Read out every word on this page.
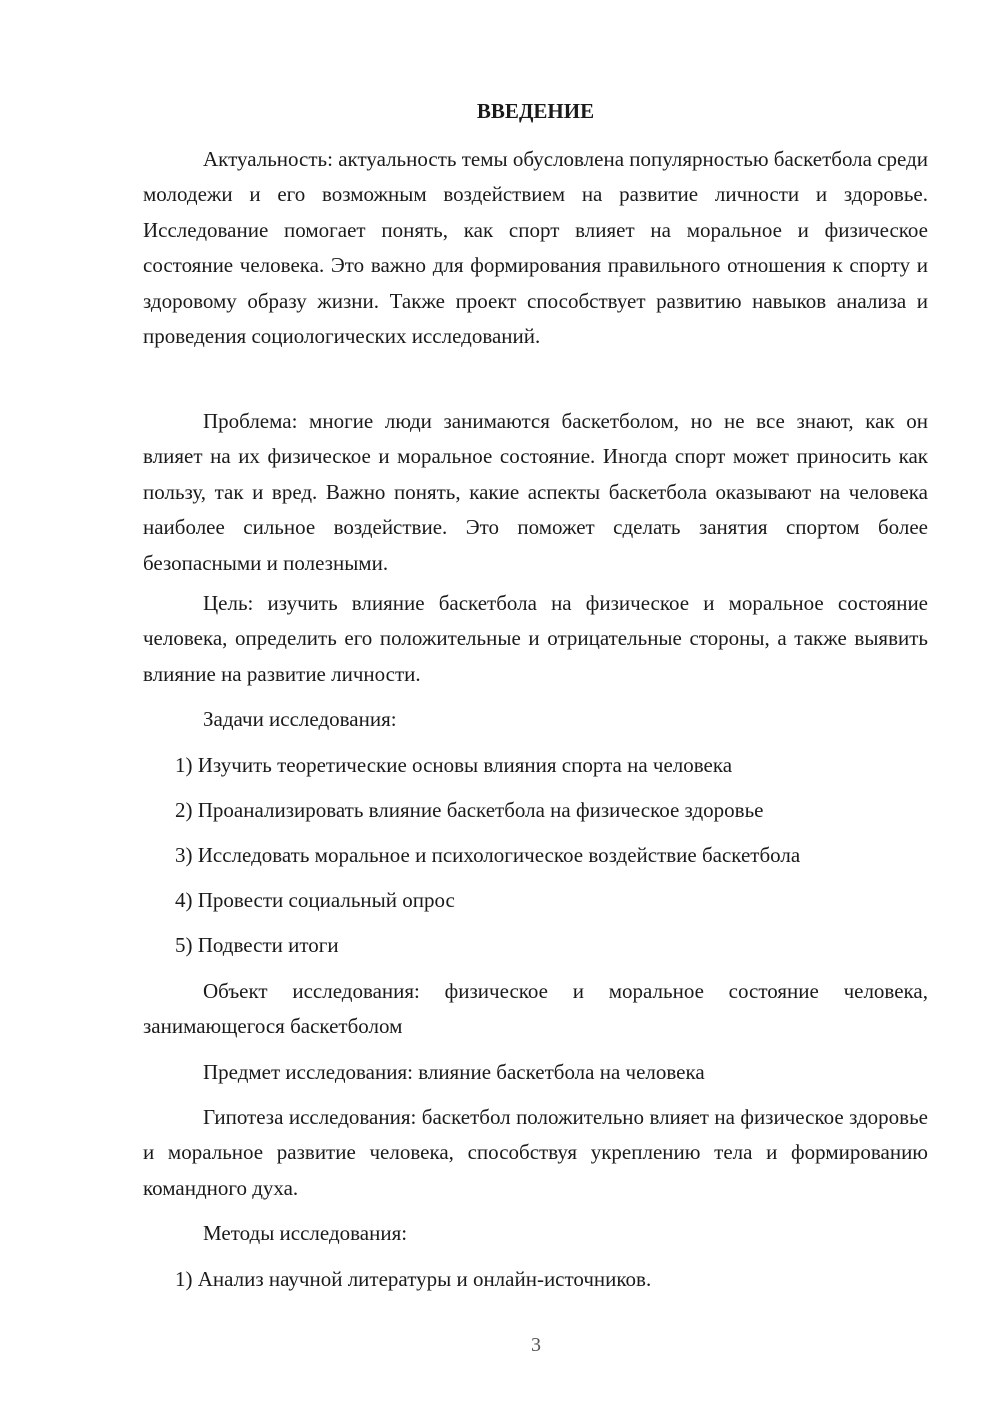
ВВЕДЕНИЕ

Актуальность: актуальность темы обусловлена популярностью баскетбола среди молодежи и его возможным воздействием на развитие личности и здоровье. Исследование помогает понять, как спорт влияет на моральное и физическое состояние человека. Это важно для формирования правильного отношения к спорту и здоровому образу жизни. Также проект способствует развитию навыков анализа и проведения социологических исследований.

Проблема: многие люди занимаются баскетболом, но не все знают, как он влияет на их физическое и моральное состояние. Иногда спорт может приносить как пользу, так и вред. Важно понять, какие аспекты баскетбола оказывают на человека наиболее сильное воздействие. Это поможет сделать занятия спортом более безопасными и полезными.

Цель: изучить влияние баскетбола на физическое и моральное состояние человека, определить его положительные и отрицательные стороны, а также выявить влияние на развитие личности.

Задачи исследования:

1) Изучить теоретические основы влияния спорта на человека

2) Проанализировать влияние баскетбола на физическое здоровье

3) Исследовать моральное и психологическое воздействие баскетбола

4) Провести социальный опрос

5) Подвести итоги

Объект исследования: физическое и моральное состояние человека, занимающегося баскетболом

Предмет исследования: влияние баскетбола на человека

Гипотеза исследования: баскетбол положительно влияет на физическое здоровье и моральное развитие человека, способствуя укреплению тела и формированию командного духа.

Методы исследования:

1) Анализ научной литературы и онлайн-источников.

3
